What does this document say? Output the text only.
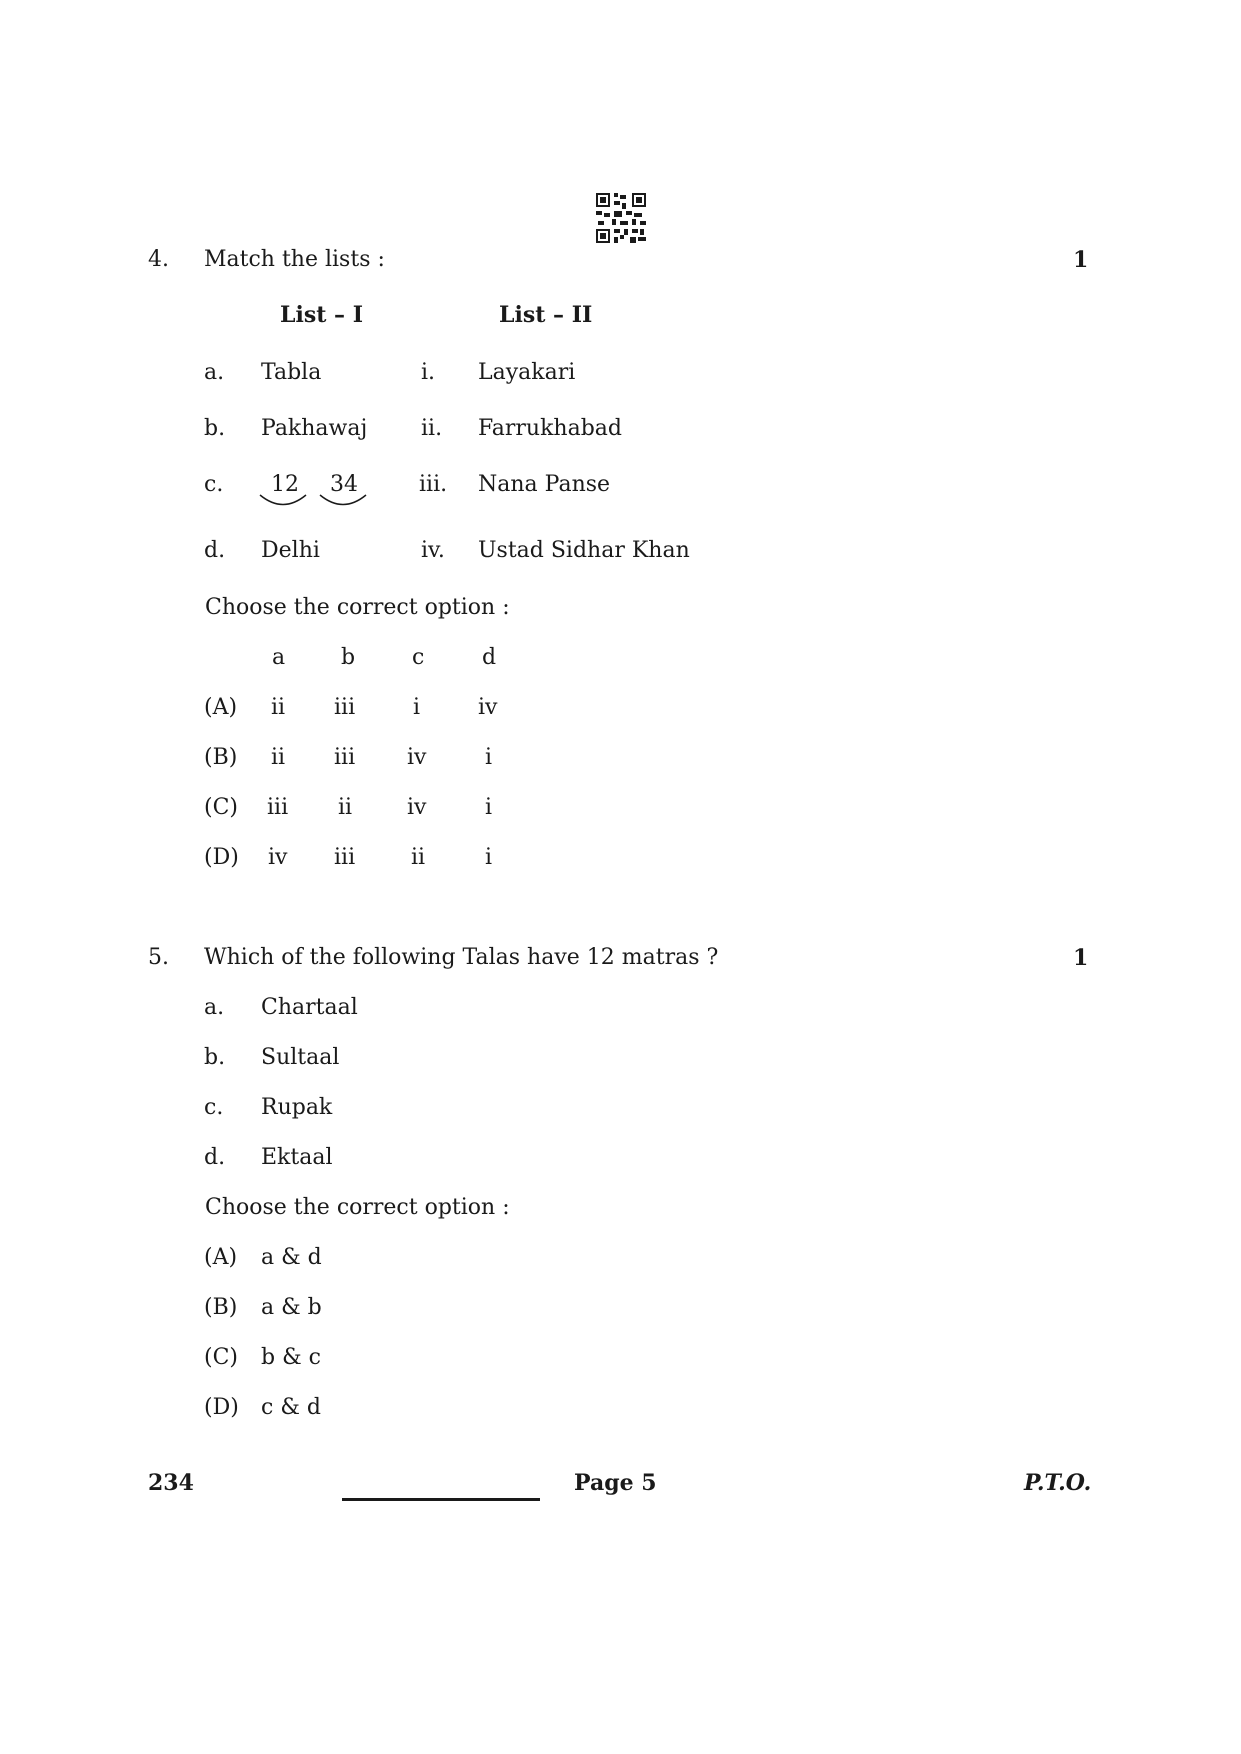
4. Match the lists :	1
List – I	List – II
a. Tabla	i. Layakari
b. Pakhawaj ii. Farrukhabad
c. 12 34	iii. Nana Panse
d. Delhi	iv. Ustad Sidhar Khan
Choose the correct option :
a	b	c	d
(A) ii iii	i	iv
(B) ii iii iv	i
(C) iii ii iv	i
(D) iv iii	ii	i
5. Which of the following Talas have 12 matras ?	1
a. Chartaal
b. Sultaal
c. Rupak
d. Ektaal
Choose the correct option :
(A) a & d
(B) a & b
(C) b & c
(D) c & d
234	Page 5	P.T.O.
